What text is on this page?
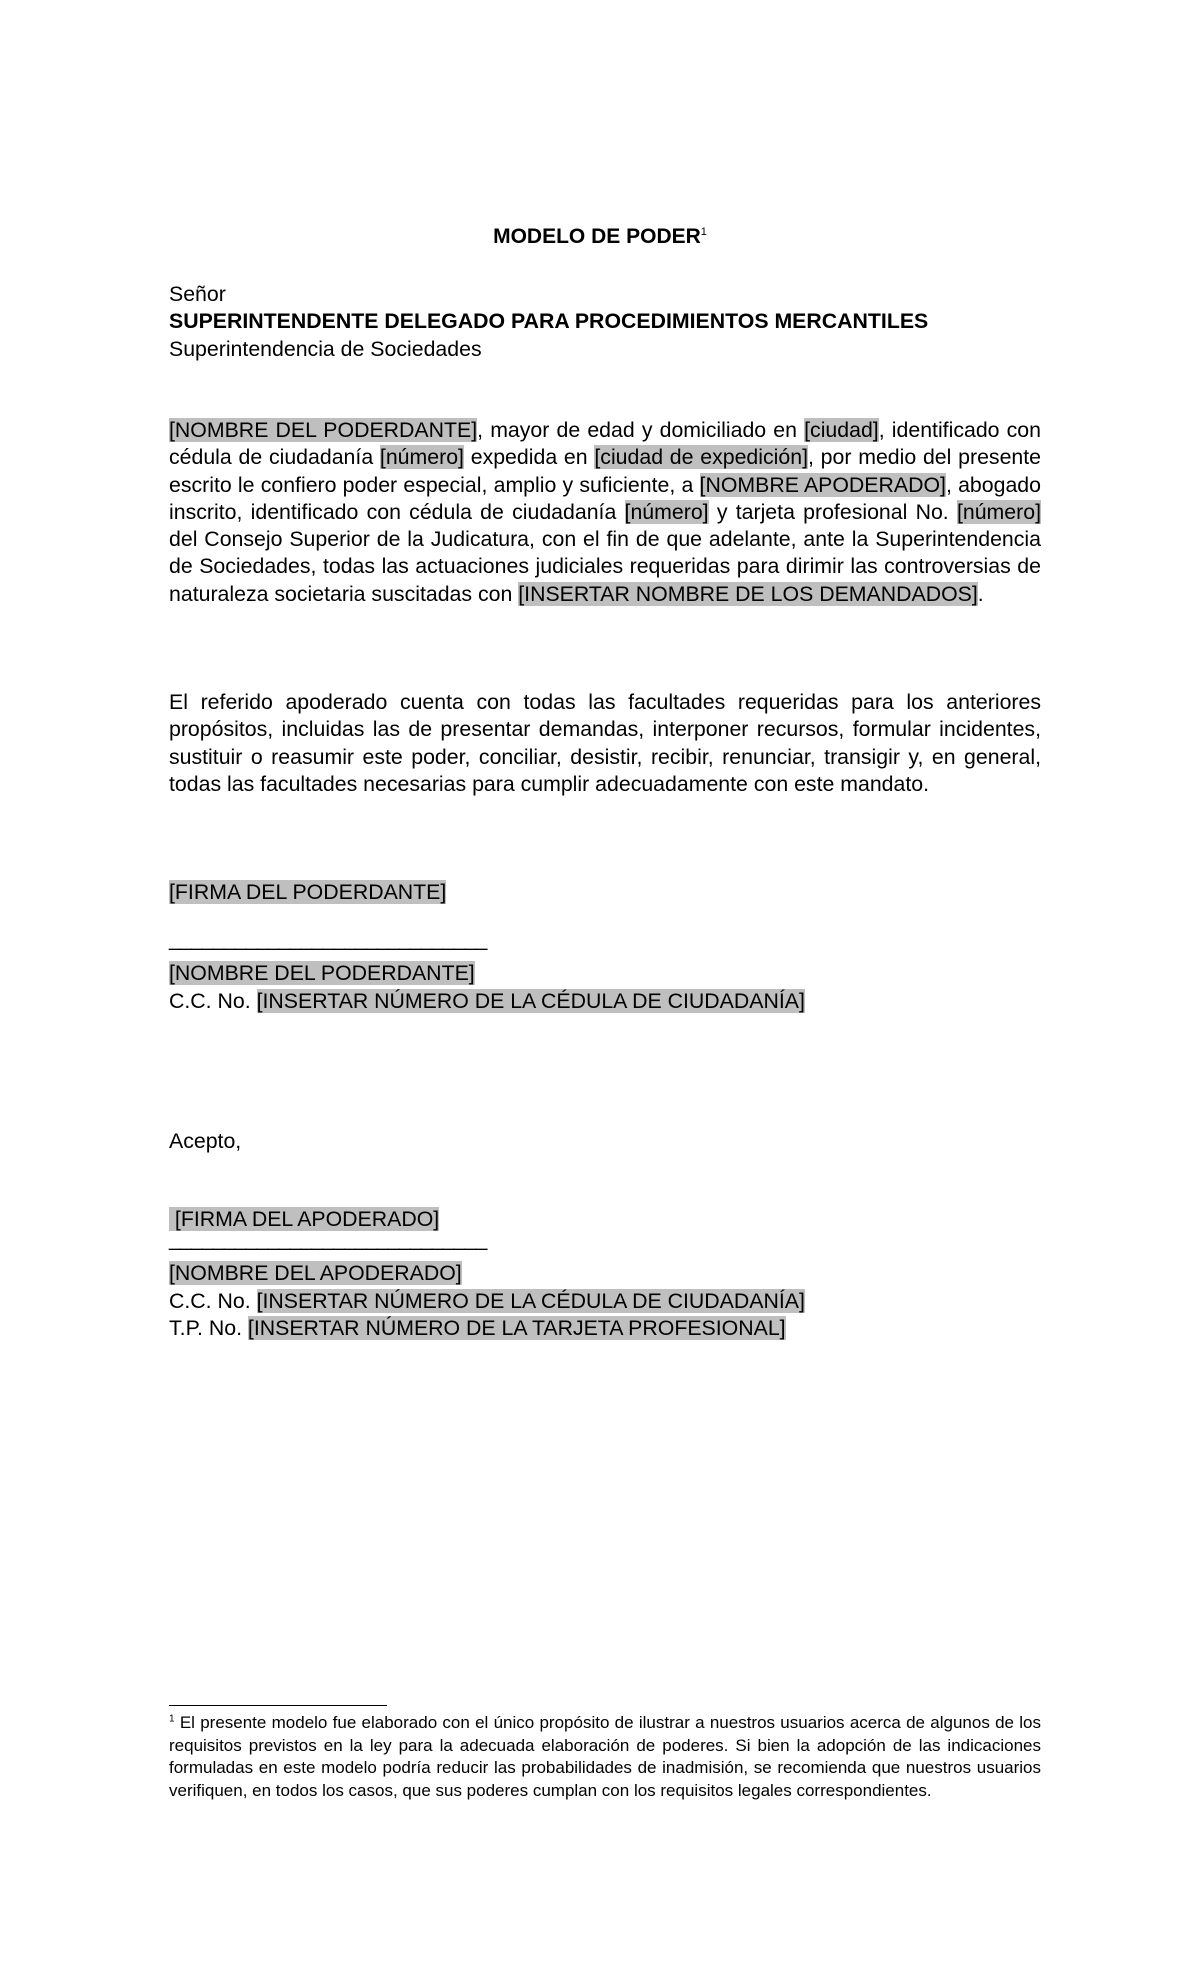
MODELO DE PODER$^1$
Señor
SUPERINTENDENTE DELEGADO PARA PROCEDIMIENTOS MERCANTILES
Superintendencia de Sociedades
[NOMBRE DEL PODERDANTE], mayor de edad y domiciliado en [ciudad], identificado con cédula de ciudadanía [número] expedida en [ciudad de expedición], por medio del presente escrito le confiero poder especial, amplio y suficiente, a [NOMBRE APODERADO], abogado inscrito, identificado con cédula de ciudadanía [número] y tarjeta profesional No. [número] del Consejo Superior de la Judicatura, con el fin de que adelante, ante la Superintendencia de Sociedades, todas las actuaciones judiciales requeridas para dirimir las controversias de naturaleza societaria suscitadas con [INSERTAR NOMBRE DE LOS DEMANDADOS].
El referido apoderado cuenta con todas las facultades requeridas para los anteriores propósitos, incluidas las de presentar demandas, interponer recursos, formular incidentes, sustituir o reasumir este poder, conciliar, desistir, recibir, renunciar, transigir y, en general, todas las facultades necesarias para cumplir adecuadamente con este mandato.
[FIRMA DEL PODERDANTE]
_____________________________
[NOMBRE DEL PODERDANTE]
C.C. No. [INSERTAR NÚMERO DE LA CÉDULA DE CIUDADANÍA]
Acepto,
[FIRMA DEL APODERADO]
_____________________________
[NOMBRE DEL APODERADO]
C.C. No. [INSERTAR NÚMERO DE LA CÉDULA DE CIUDADANÍA]
T.P. No. [INSERTAR NÚMERO DE LA TARJETA PROFESIONAL]
$^1$ El presente modelo fue elaborado con el único propósito de ilustrar a nuestros usuarios acerca de algunos de los requisitos previstos en la ley para la adecuada elaboración de poderes. Si bien la adopción de las indicaciones formuladas en este modelo podría reducir las probabilidades de inadmisión, se recomienda que nuestros usuarios verifiquen, en todos los casos, que sus poderes cumplan con los requisitos legales correspondientes.
